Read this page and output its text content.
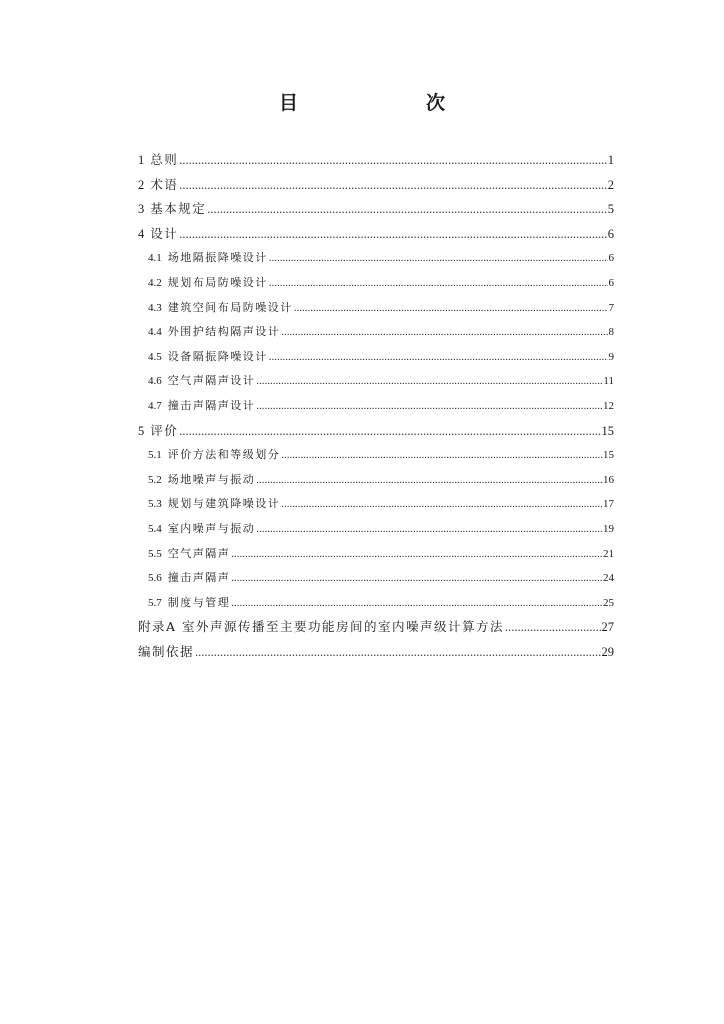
目　　次
1 总则 .....	1
2 术语 .....	2
3 基本规定 .....	5
4 设计 .....	6
4.1 场地隔振降噪设计 .....	6
4.2 规划布局防噪设计 .....	6
4.3 建筑空间布局防噪设计 .....	7
4.4 外围护结构隔声设计 .....	8
4.5 设备隔振降噪设计 .....	9
4.6 空气声隔声设计 .....	11
4.7 撞击声隔声设计 .....	12
5 评价 .....	15
5.1 评价方法和等级划分 .....	15
5.2 场地噪声与振动 .....	16
5.3 规划与建筑降噪设计 .....	17
5.4 室内噪声与振动 .....	19
5.5 空气声隔声 .....	21
5.6 撞击声隔声 .....	24
5.7 制度与管理 .....	25
附录A 室外声源传播至主要功能房间的室内噪声级计算方法 .....	27
编制依据 .....	29
